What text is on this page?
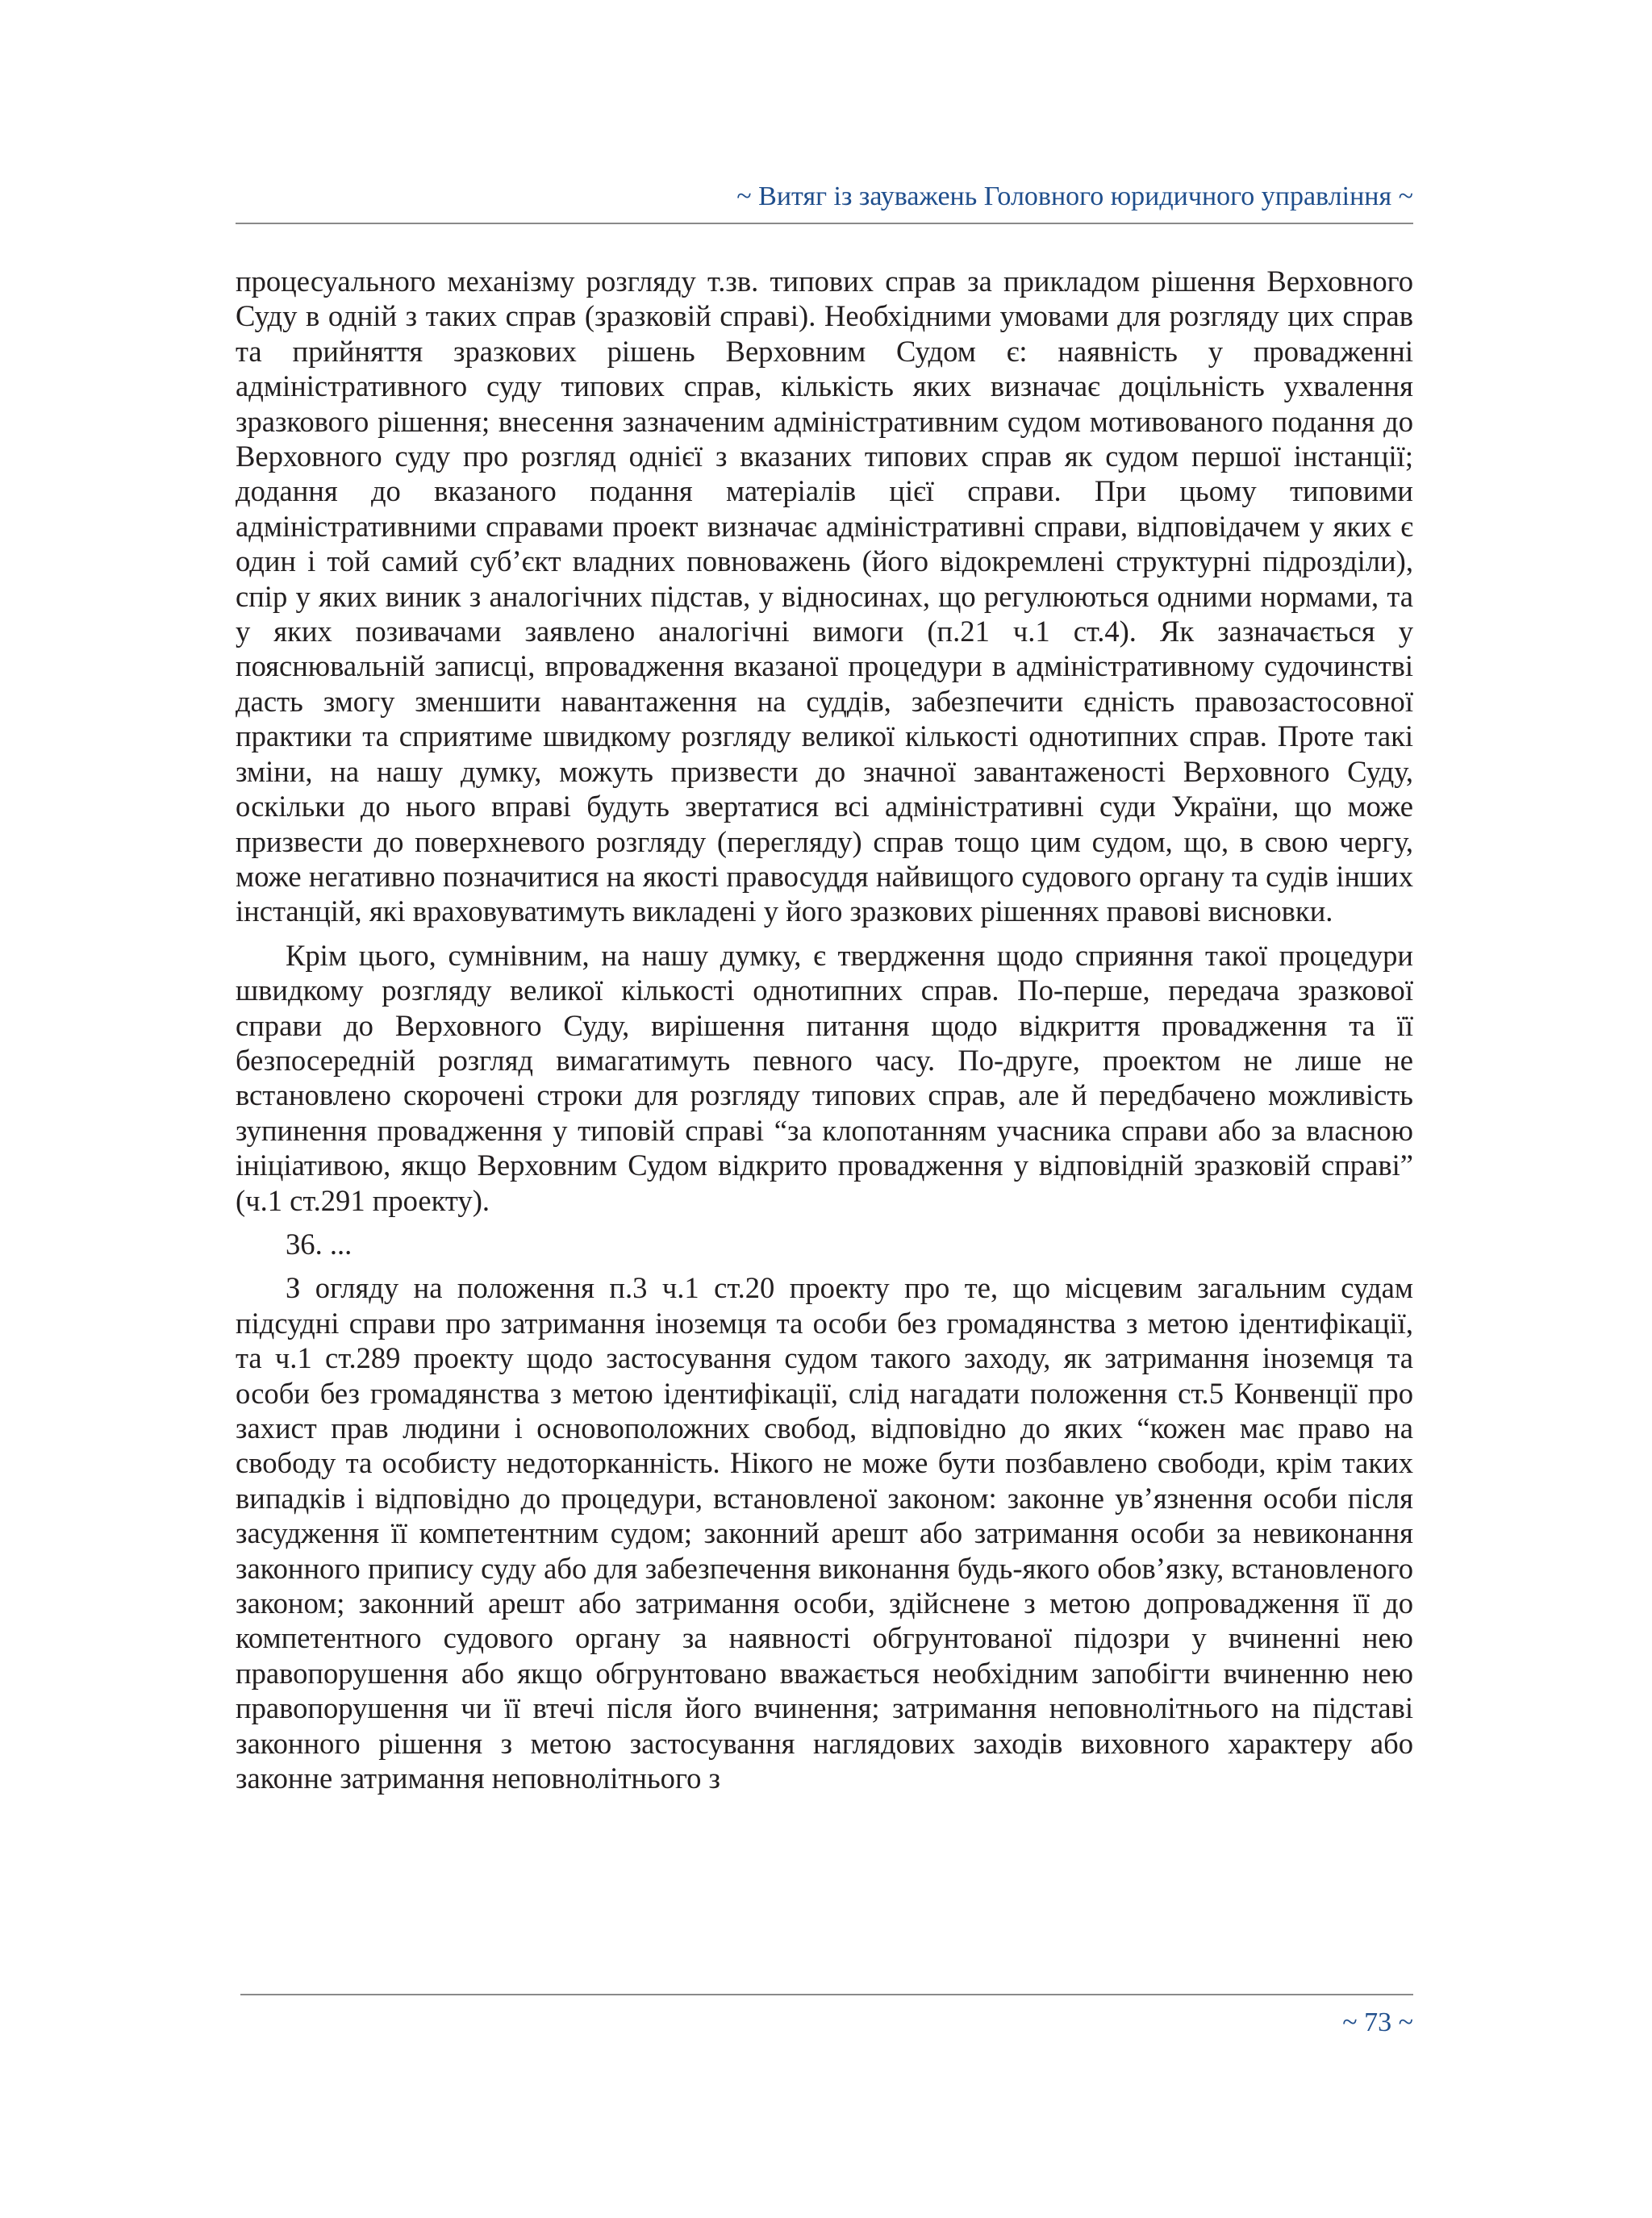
~ Витяг із зауважень Головного юридичного управління ~

процесуального механізму розгляду т.зв. типових справ за прикладом рішення Верховного Суду в одній з таких справ (зразковій справі). Необхідними умовами для розгляду цих справ та прийняття зразкових рішень Верховним Судом є: наявність у провадженні адміністративного суду типових справ, кількість яких визначає доцільність ухвалення зразкового рішення; внесення зазначеним адміністративним судом мотивованого подання до Верховного суду про розгляд однієї з вказаних типових справ як судом першої інстанції; додання до вказаного подання матеріалів цієї справи. При цьому типовими адміністративними справами проект визначає адміністративні справи, відповідачем у яких є один і той самий суб’єкт владних повноважень (його відокремлені структурні підрозділи), спір у яких виник з аналогічних підстав, у відносинах, що регулюються одними нормами, та у яких позивачами заявлено аналогічні вимоги (п.21 ч.1 ст.4). Як зазначається у пояснювальній записці, впровадження вказаної процедури в адміністративному судочинстві дасть змогу зменшити навантаження на суддів, забезпечити єдність правозастосовної практики та сприятиме швидкому розгляду великої кількості однотипних справ. Проте такі зміни, на нашу думку, можуть призвести до значної завантаженості Верховного Суду, оскільки до нього вправі будуть звертатися всі адміністративні суди України, що може призвести до поверхневого розгляду (перегляду) справ тощо цим судом, що, в свою чергу, може негативно позначитися на якості правосуддя найвищого судового органу та судів інших інстанцій, які враховуватимуть викладені у його зразкових рішеннях правові висновки.

Крім цього, сумнівним, на нашу думку, є твердження щодо сприяння такої процедури швидкому розгляду великої кількості однотипних справ. По-перше, передача зразкової справи до Верховного Суду, вирішення питання щодо відкриття провадження та її безпосередній розгляд вимагатимуть певного часу. По-друге, проектом не лише не встановлено скорочені строки для розгляду типових справ, але й передбачено можливість зупинення провадження у типовій справі “за клопотанням учасника справи або за власною ініціативою, якщо Верховним Судом відкрито провадження у відповідній зразковій справі” (ч.1 ст.291 проекту).

36. ...

З огляду на положення п.3 ч.1 ст.20 проекту про те, що місцевим загальним судам підсудні справи про затримання іноземця та особи без громадянства з метою ідентифікації, та ч.1 ст.289 проекту щодо застосування судом такого заходу, як затримання іноземця та особи без громадянства з метою ідентифікації, слід нагадати положення ст.5 Конвенції про захист прав людини і основоположних свобод, відповідно до яких “кожен має право на свободу та особисту недоторканність. Нікого не може бути позбавлено свободи, крім таких випадків і відповідно до процедури, встановленої законом: законне ув’язнення особи після засудження її компетентним судом; законний арешт або затримання особи за невиконання законного припису суду або для забезпечення виконання будь-якого обов’язку, встановленого законом; законний арешт або затримання особи, здійснене з метою допровадження її до компетентного судового органу за наявності обгрунтованої підозри у вчиненні нею правопорушення або якщо обгрунтовано вважається необхідним запобігти вчиненню нею правопорушення чи її втечі після його вчинення; затримання неповнолітнього на підставі законного рішення з метою застосування наглядових заходів виховного характеру або законне затримання неповнолітнього з

~ 73 ~
